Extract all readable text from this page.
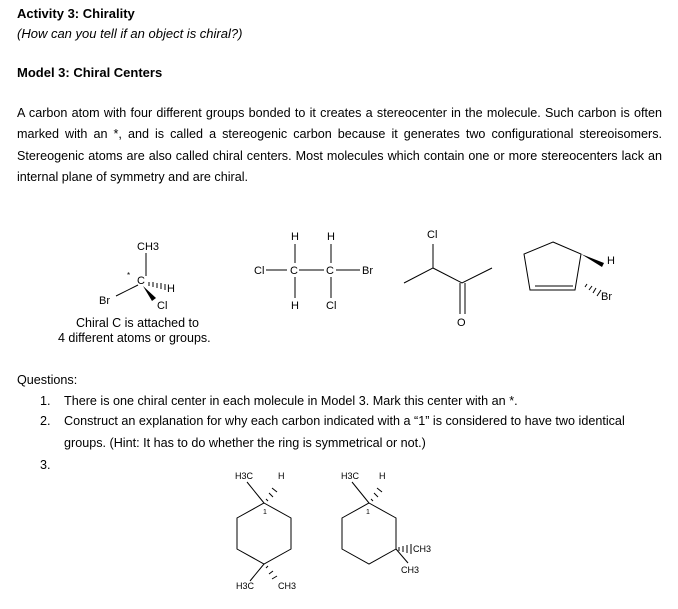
Activity 3: Chirality
(How can you tell if an object is chiral?)
Model 3: Chiral Centers
A carbon atom with four different groups bonded to it creates a stereocenter in the molecule. Such carbon is often marked with an *, and is called a stereogenic carbon because it generates two configurational stereoisomers. Stereogenic atoms are also called chiral centers. Most molecules which contain one or more stereocenters lack an internal plane of symmetry and are chiral.
CH3
* C
H
Br	Cl
Chiral C is attached to
4 different atoms or groups.
H	H
Cl C	C	Br
H Cl
Cl
O
H
Br
Questions:
1. There is one chiral center in each molecule in Model 3. Mark this center with an *.
2. Construct an explanation for why each carbon indicated with a “1” is considered to have two identical
groups. (Hint: It has to do whether the ring is symmetrical or not.)
3.
H3C	H
1
H3C	CH3
H3C H
1
CH3
CH3
